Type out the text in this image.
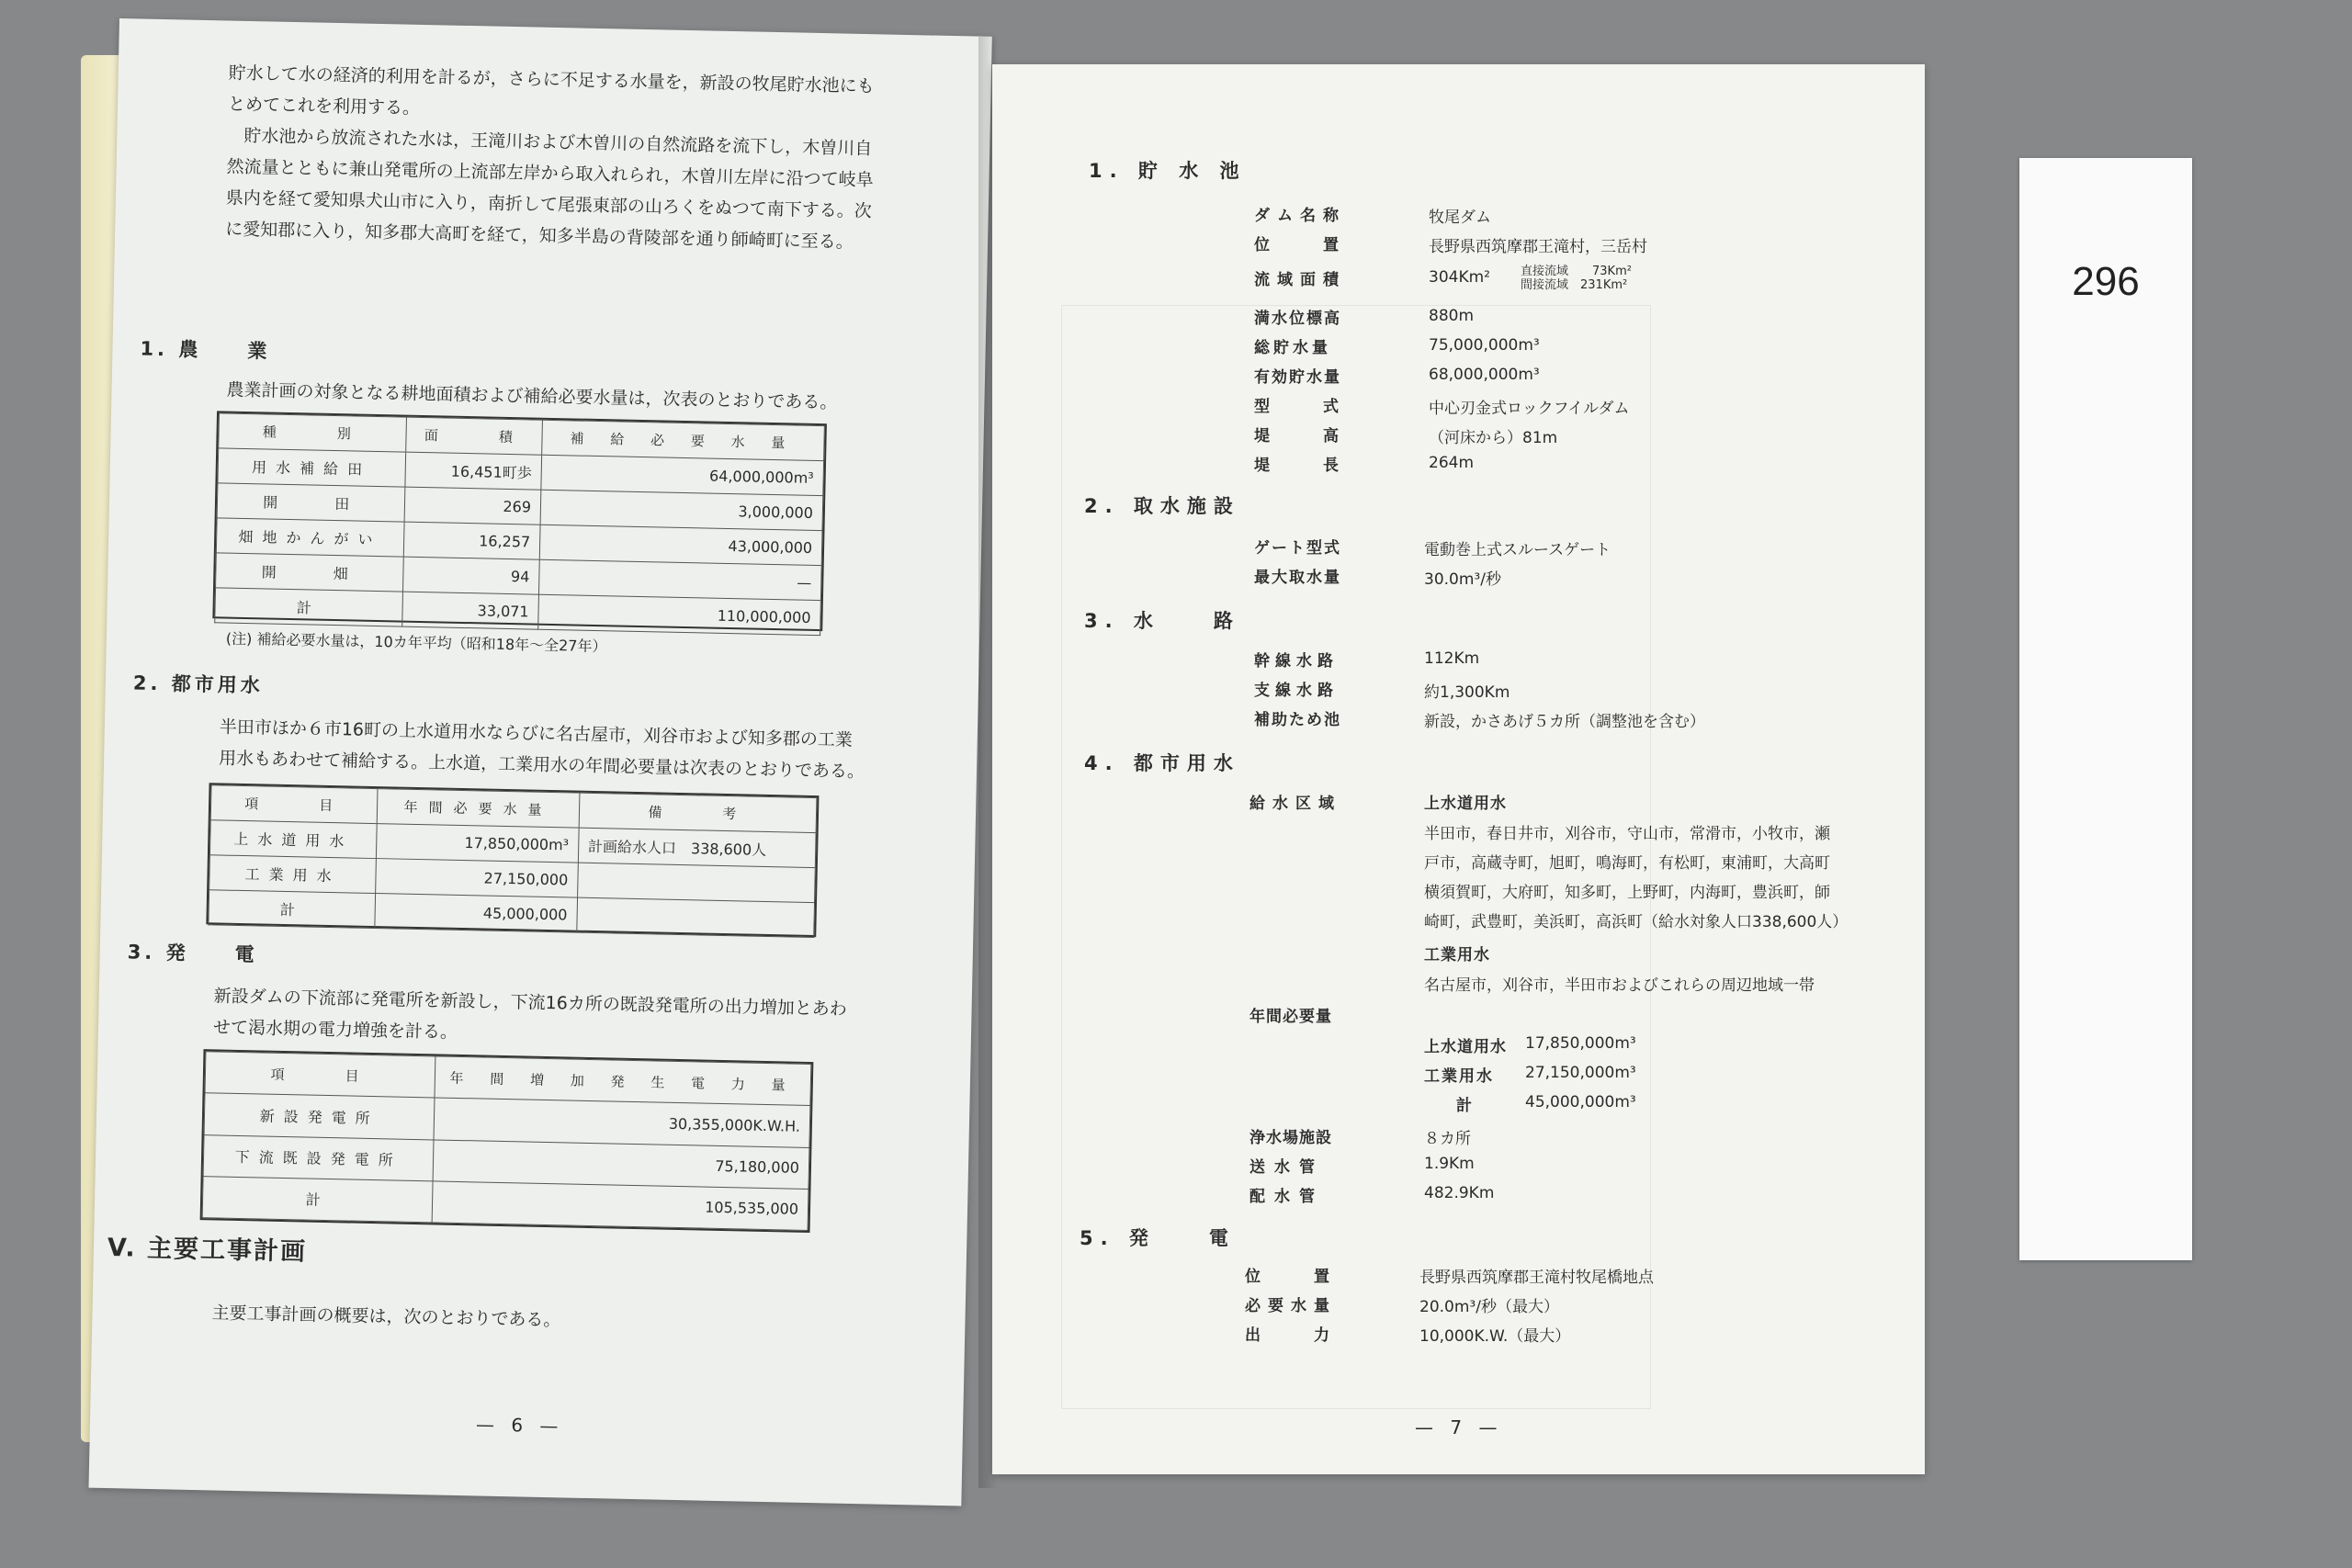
貯水して水の経済的利用を計るが，さらに不足する水量を，新設の牧尾貯水池にも
とめてこれを利用する。
貯水池から放流された水は，王滝川および木曽川の自然流路を流下し，木曽川自
然流量とともに兼山発電所の上流部左岸から取入れられ，木曽川左岸に沿つて岐阜
県内を経て愛知県犬山市に入り，南折して尾張東部の山ろくをぬつて南下する。次
に愛知郡に入り，知多郡大高町を経て，知多半島の背陵部を通り師崎町に至る。
1. 農　　業
農業計画の対象となる耕地面積および補給必要水量は，次表のとおりである。
種　　別	面　　積	補 給 必 要 水 量
用水補給田	16,451町歩	64,000,000m³
開　　田	269	3,000,000
畑地かんがい	16,257	43,000,000
開　　畑	94	—
計	33,071	110,000,000
(注) 補給必要水量は，10カ年平均（昭和18年〜全27年）
2. 都市用水
半田市ほか６市16町の上水道用水ならびに名古屋市，刈谷市および知多郡の工業
用水もあわせて補給する。上水道，工業用水の年間必要量は次表のとおりである。
項　　目	年間必要水量	備　　考
上水道用水	17,850,000m³	計画給水人口　338,600人
工業用水	27,150,000	
計	45,000,000	
3. 発　　電
新設ダムの下流部に発電所を新設し，下流16カ所の既設発電所の出力増加とあわ
せて渇水期の電力増強を計る。
項　　目	年 間 増 加 発 生 電 力 量
新設発電所	30,355,000K.W.H.
下流既設発電所	75,180,000
計	105,535,000
V. 主要工事計画
主要工事計画の概要は，次のとおりである。
— 6 —
1. 貯 水 池
ダム名称	牧尾ダム
位　　置	長野県西筑摩郡王滝村，三岳村
流域面積	304Km²	直接流域　　73Km²
間接流域　231Km²
満水位標高	880m
総貯水量	75,000,000m³
有効貯水量	68,000,000m³
型　　式	中心刃金式ロックフイルダム
堤　　高	（河床から）81m
堤　　長	264m
2. 取水施設
ゲート型式	電動巻上式スルースゲート
最大取水量	30.0m³/秒
3. 水　　路
幹線水路	112Km
支線水路	約1,300Km
補助ため池	新設，かさあげ５カ所（調整池を含む）
4. 都市用水
給水区域	上水道用水
半田市，春日井市，刈谷市，守山市，常滑市，小牧市，瀬
戸市，高蔵寺町，旭町，鳴海町，有松町，東浦町，大高町
横須賀町，大府町，知多町，上野町，内海町，豊浜町，師
崎町，武豊町，美浜町，高浜町（給水対象人口338,600人）
工業用水
名古屋市，刈谷市，半田市およびこれらの周辺地域一帯
年間必要量
上水道用水 17,850,000m³
工業用水 27,150,000m³
計	45,000,000m³
浄水場施設	８カ所
送水管	1.9Km
配水管	482.9Km
5. 発　　電
位　　置	長野県西筑摩郡王滝村牧尾橋地点
必要水量	20.0m³/秒（最大）
出　　力	10,000K.W.（最大）
— 7 —
296
